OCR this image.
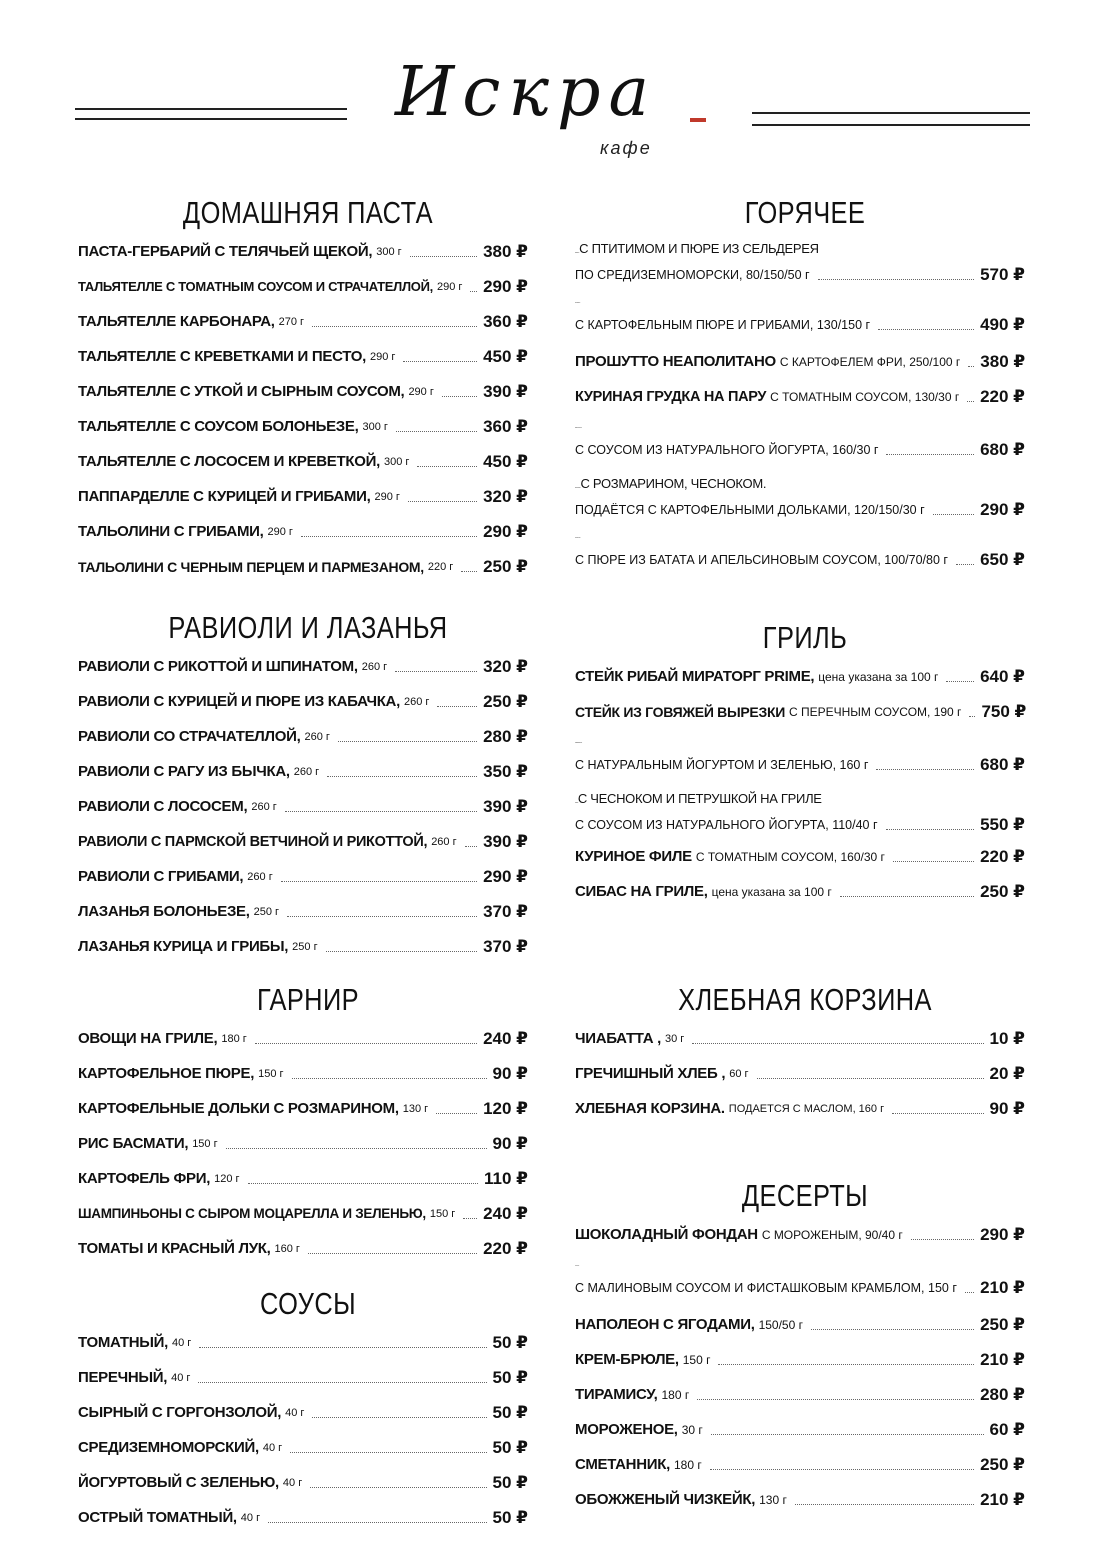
Искра
кафе
ДОМАШНЯЯ ПАСТА
ПАСТА-ГЕРБАРИЙ С ТЕЛЯЧЬЕЙ ЩЕКОЙ, 300 г	380 ₽
ТАЛЬЯТЕЛЛЕ С ТОМАТНЫМ СОУСОМ И СТРАЧАТЕЛЛОЙ, 290 г 290 ₽
ТАЛЬЯТЕЛЛЕ КАРБОНАРА, 270 г	360 ₽
ТАЛЬЯТЕЛЛЕ С КРЕВЕТКАМИ И ПЕСТО, 290 г	450 ₽
ТАЛЬЯТЕЛЛЕ С УТКОЙ И СЫРНЫМ СОУСОМ, 290 г	390 ₽
ТАЛЬЯТЕЛЛЕ С СОУСОМ БОЛОНЬЕЗЕ, 300 г	360 ₽
ТАЛЬЯТЕЛЛЕ С ЛОСОСЕМ И КРЕВЕТКОЙ, 300 г	450 ₽
ПАППАРДЕЛЛЕ С КУРИЦЕЙ И ГРИБАМИ, 290 г	320 ₽
ТАЛЬОЛИНИ С ГРИБАМИ, 290 г	290 ₽
ТАЛЬОЛИНИ С ЧЕРНЫМ ПЕРЦЕМ И ПАРМЕЗАНОМ, 220 г 250 ₽
РАВИОЛИ И ЛАЗАНЬЯ
РАВИОЛИ С РИКОТТОЙ И ШПИНАТОМ, 260 г	320 ₽
РАВИОЛИ С КУРИЦЕЙ И ПЮРЕ ИЗ КАБАЧКА, 260 г	250 ₽
РАВИОЛИ СО СТРАЧАТЕЛЛОЙ, 260 г	280 ₽
РАВИОЛИ С РАГУ ИЗ БЫЧКА, 260 г	350 ₽
РАВИОЛИ С ЛОСОСЕМ, 260 г	390 ₽
РАВИОЛИ С ПАРМСКОЙ ВЕТЧИНОЙ И РИКОТТОЙ, 260 г 390 ₽
РАВИОЛИ С ГРИБАМИ, 260 г	290 ₽
ЛАЗАНЬЯ БОЛОНЬЕЗЕ, 250 г	370 ₽
ЛАЗАНЬЯ КУРИЦА И ГРИБЫ, 250 г	370 ₽
ГАРНИР
ОВОЩИ НА ГРИЛЕ, 180 г	240 ₽
КАРТОФЕЛЬНОЕ ПЮРЕ, 150 г	90 ₽
КАРТОФЕЛЬНЫЕ ДОЛЬКИ С РОЗМАРИНОМ, 130 г	120 ₽
РИС БАСМАТИ, 150 г	90 ₽
КАРТОФЕЛЬ ФРИ, 120 г	110 ₽
ШАМПИНЬОНЫ С СЫРОМ МОЦАРЕЛЛА И ЗЕЛЕНЬЮ, 150 г 240 ₽
ТОМАТЫ И КРАСНЫЙ ЛУК, 160 г	220 ₽
СОУСЫ
ТОМАТНЫЙ, 40 г	50 ₽
ПЕРЕЧНЫЙ, 40 г	50 ₽
СЫРНЫЙ С ГОРГОНЗОЛОЙ, 40 г	50 ₽
СРЕДИЗЕМНОМОРСКИЙ, 40 г	50 ₽
ЙОГУРТОВЫЙ С ЗЕЛЕНЬЮ, 40 г	50 ₽
ОСТРЫЙ ТОМАТНЫЙ, 40 г	50 ₽
ГОРЯЧЕЕ
ФИЛЕ СИБАСА С ПТИТИМОМ И ПЮРЕ ИЗ СЕЛЬДЕРЕЯ
ПО СРЕДИЗЕМНОМОРСКИ, 80/150/50 г	570 ₽
ТЕЛЯЧЬИ ЩЁЧКИ
С КАРТОФЕЛЬНЫМ ПЮРЕ И ГРИБАМИ, 130/150 г	490 ₽
ПРОШУТТО НЕАПОЛИТАНО С КАРТОФЕЛЕМ ФРИ, 250/100 г 380 ₽
КУРИНАЯ ГРУДКА НА ПАРУ С ТОМАТНЫМ СОУСОМ, 130/30 г 220 ₽
ФИЛЕ ЛОСОСЯ НА ПАРУ
С СОУСОМ ИЗ НАТУРАЛЬНОГО ЙОГУРТА, 160/30 г	680 ₽
БЕДРО ЦЫПЛЕНКА С РОЗМАРИНОМ, ЧЕСНОКОМ.
ПОДАЁТСЯ С КАРТОФЕЛЬНЫМИ ДОЛЬКАМИ, 120/150/30 г	290 ₽
ЗАПЕЧЕННАЯ УТКА
С ПЮРЕ ИЗ БАТАТА И АПЕЛЬСИНОВЫМ СОУСОМ, 100/70/80 г 650 ₽
ГРИЛЬ
СТЕЙК РИБАЙ МИРАТОРГ PRIME, цена указана за 100 г 640 ₽
СТЕЙК ИЗ ГОВЯЖЕЙ ВЫРЕЗКИ С ПЕРЕЧНЫМ СОУСОМ, 190 г 750 ₽
СТЕЙК ИЗ ФИЛЕ ЛОСОСЯ
С НАТУРАЛЬНЫМ ЙОГУРТОМ И ЗЕЛЕНЬЮ, 160 г	680 ₽
КРЕВЕТКИ С ЧЕСНОКОМ И ПЕТРУШКОЙ НА ГРИЛЕ
С СОУСОМ ИЗ НАТУРАЛЬНОГО ЙОГУРТА, 110/40 г	550 ₽
КУРИНОЕ ФИЛЕ С ТОМАТНЫМ СОУСОМ, 160/30 г	220 ₽
СИБАС НА ГРИЛЕ, цена указана за 100 г	250 ₽
ХЛЕБНАЯ КОРЗИНА
ЧИАБАТТА , 30 г	10 ₽
ГРЕЧИШНЫЙ ХЛЕБ , 60 г	20 ₽
ХЛЕБНАЯ КОРЗИНА. ПОДАЕТСЯ С МАСЛОМ, 160 г	90 ₽
ДЕСЕРТЫ
ШОКОЛАДНЫЙ ФОНДАН С МОРОЖЕНЫМ, 90/40 г	290 ₽
ПАННАКОТТА
С МАЛИНОВЫМ СОУСОМ И ФИСТАШКОВЫМ КРАМБЛОМ, 150 г 210 ₽
НАПОЛЕОН С ЯГОДАМИ, 150/50 г	250 ₽
КРЕМ-БРЮЛЕ, 150 г	210 ₽
ТИРАМИСУ, 180 г	280 ₽
МОРОЖЕНОЕ, 30 г	60 ₽
СМЕТАННИК, 180 г	250 ₽
ОБОЖЖЕНЫЙ ЧИЗКЕЙК, 130 г	210 ₽
